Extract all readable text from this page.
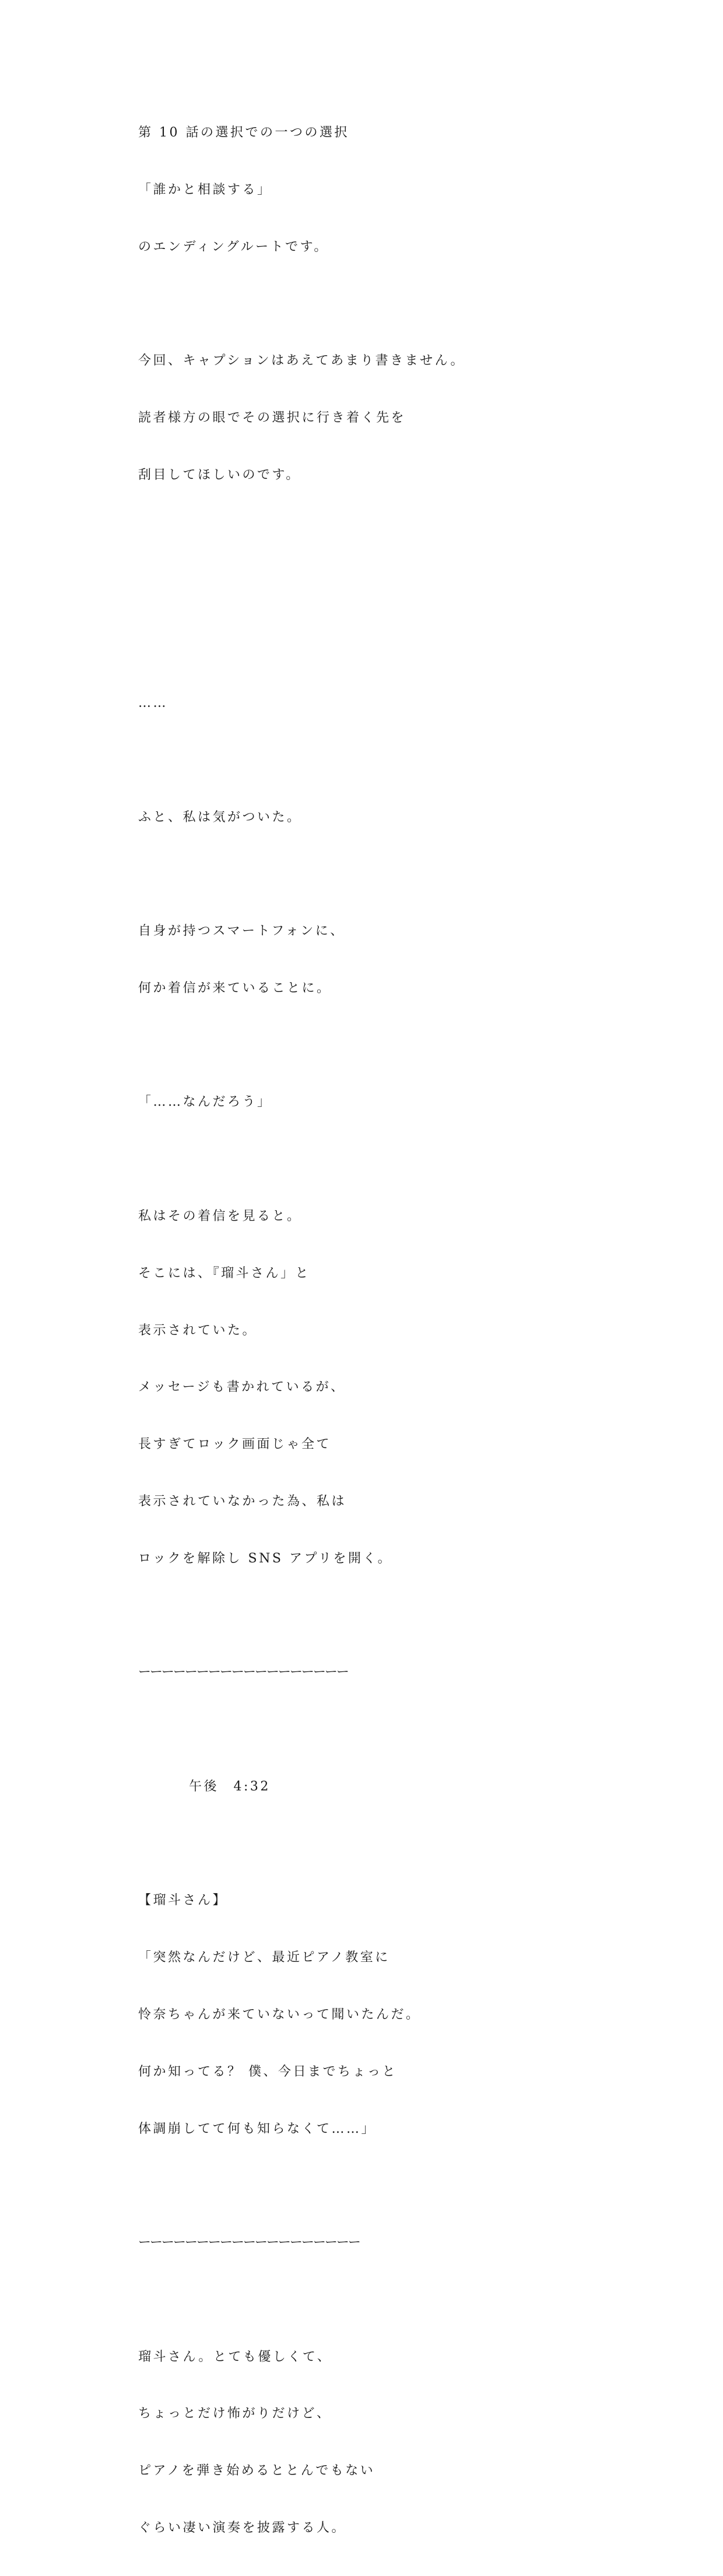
第 10 話の選択での一つの選択

「誰かと相談する」

のエンディングルートです。

今回、キャプションはあえてあまり書きません。

読者様方の眼でその選択に行き着く先を

刮目してほしいのです。

……

ふと、私は気がついた。

自身が持つスマートフォンに、

何か着信が来ていることに。

「……なんだろう」

私はその着信を見ると。

そこには、『瑠斗さん」と

表示されていた。

メッセージも書かれているが、

長すぎてロック画面じゃ全て

表示されていなかった為、私は

ロックを解除し SNS アプリを開く。

ーーーーーーーーーーーーーーーーーー

午後　4:32

【瑠斗さん】

「突然なんだけど、最近ピアノ教室に

怜奈ちゃんが来ていないって聞いたんだ。

何か知ってる？ 僕、今日までちょっと

体調崩してて何も知らなくて……」

ーーーーーーーーーーーーーーーーーーー

瑠斗さん。とても優しくて、

ちょっとだけ怖がりだけど、

ピアノを弾き始めるととんでもない

ぐらい凄い演奏を披露する人。
